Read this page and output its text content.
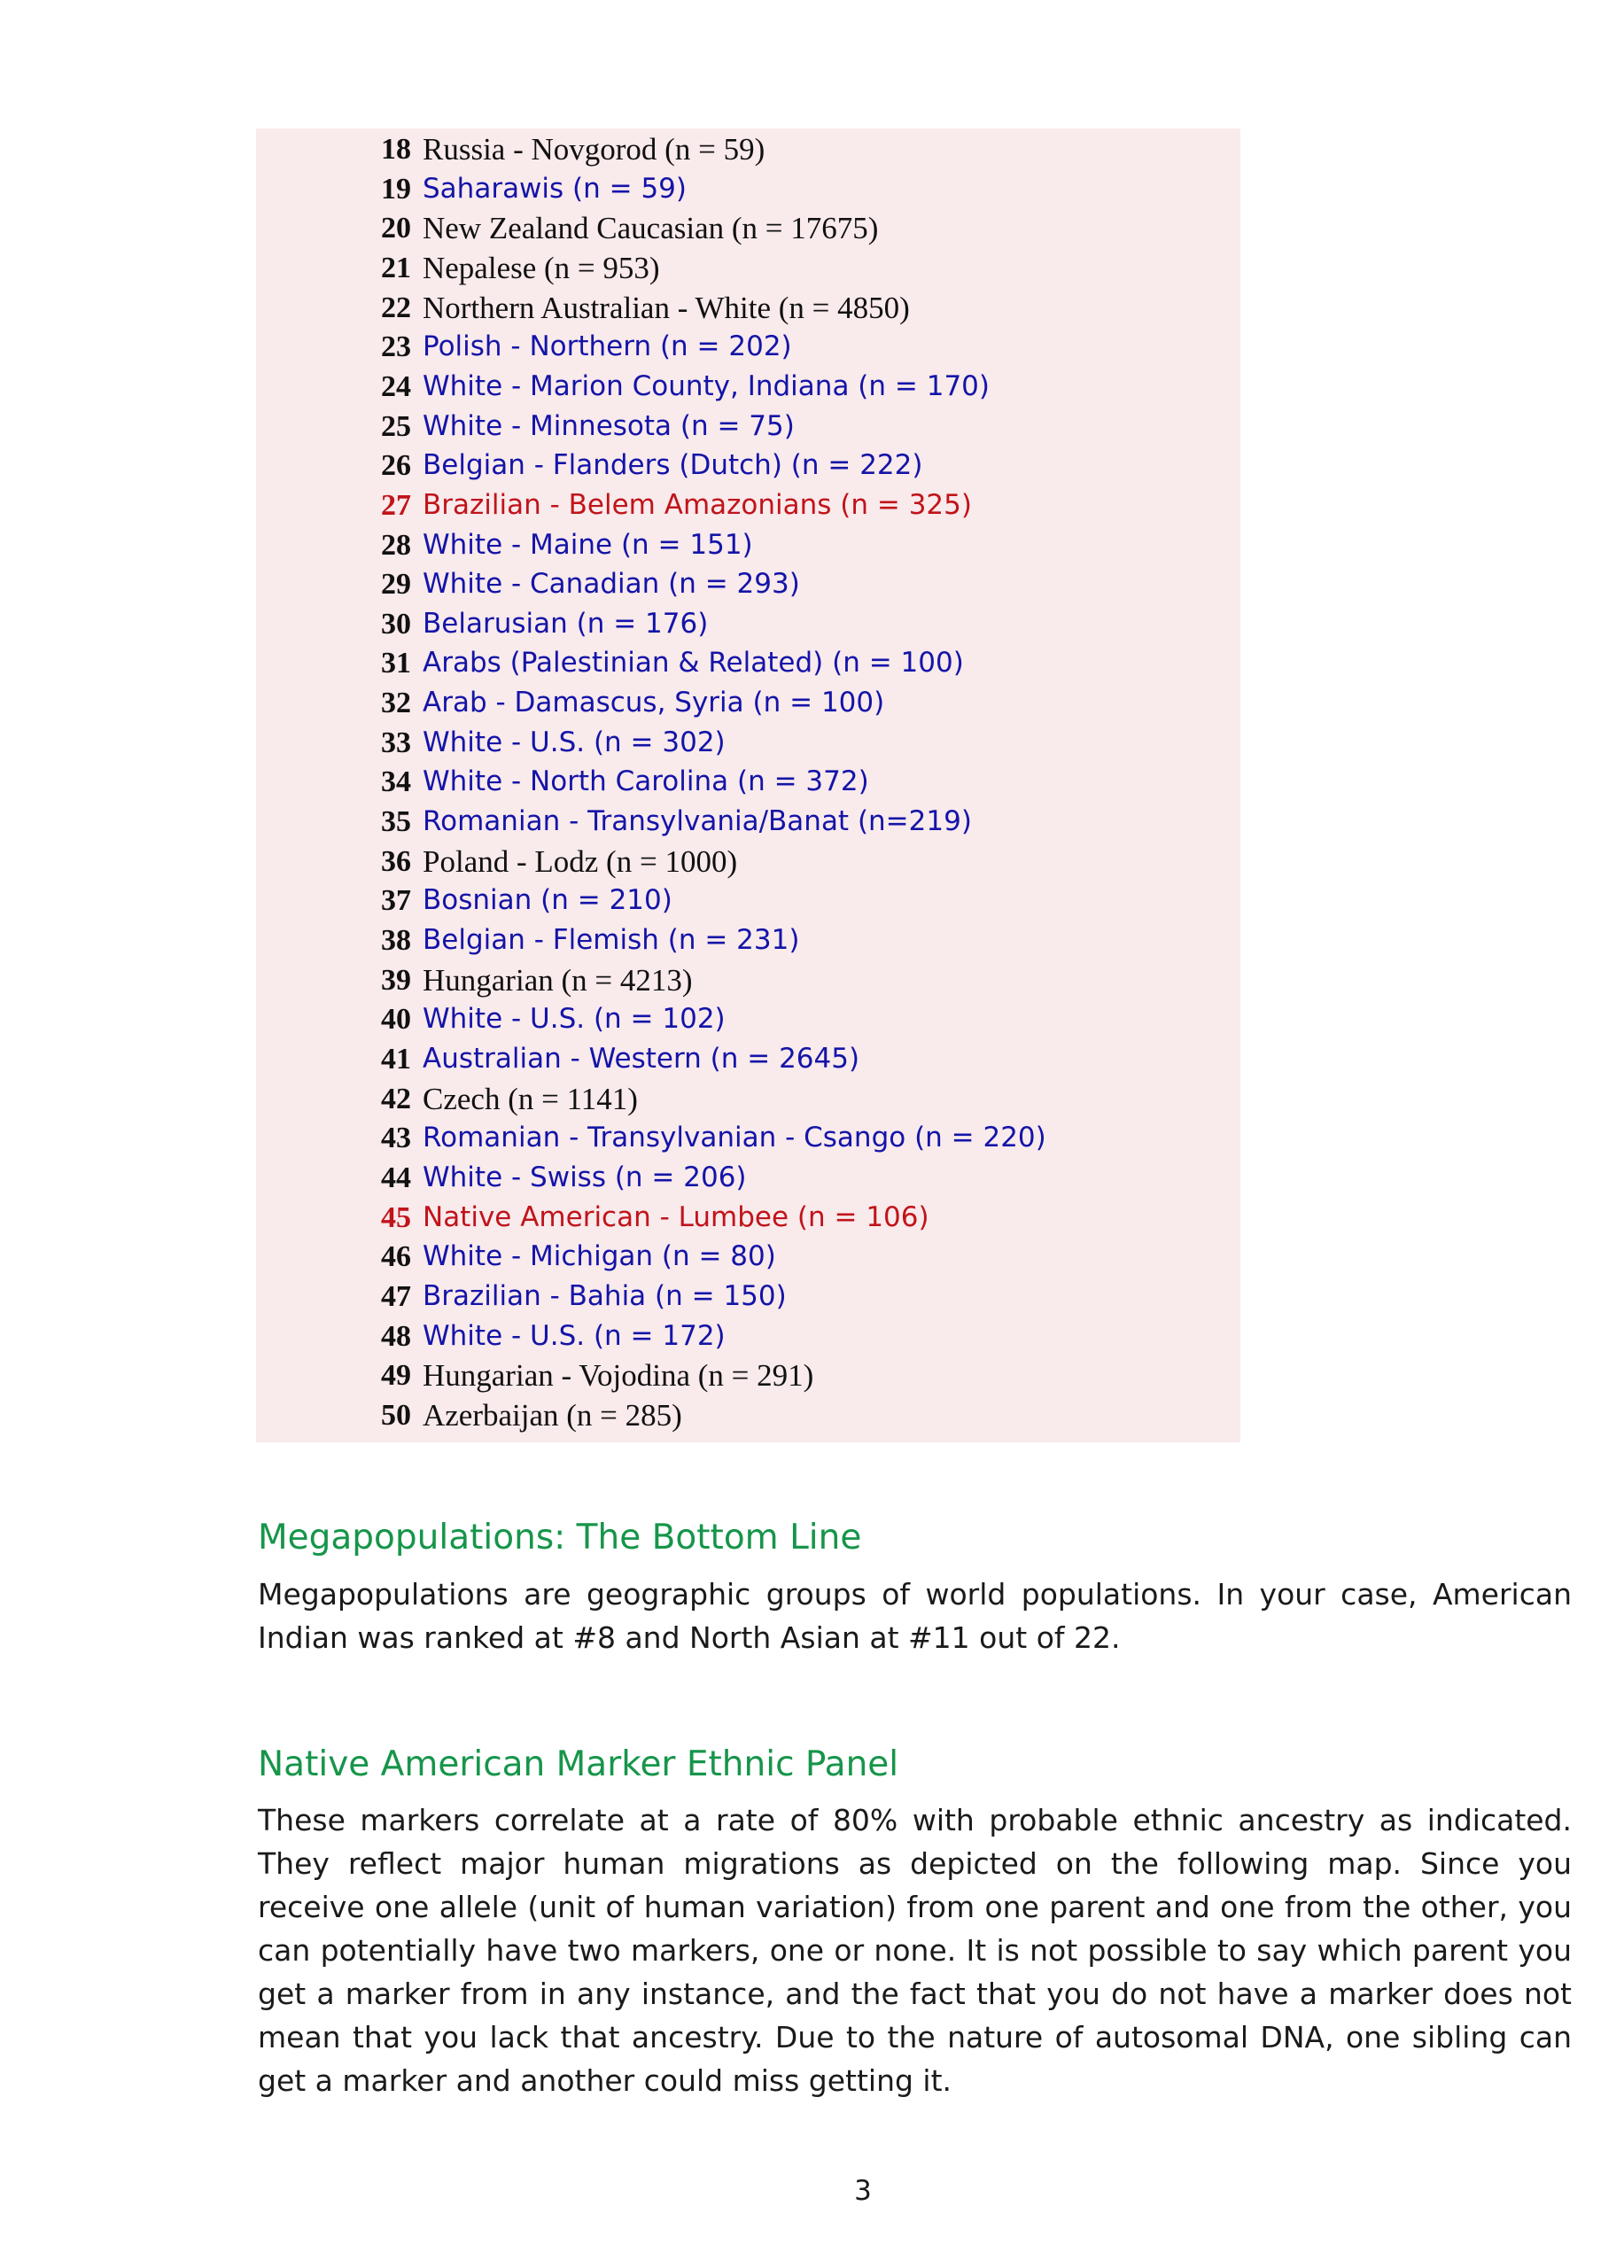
18 Russia - Novgorod (n = 59)
19 Saharawis (n = 59)
20 New Zealand Caucasian (n = 17675)
21 Nepalese (n = 953)
22 Northern Australian - White (n = 4850)
23 Polish - Northern (n = 202)
24 White - Marion County, Indiana (n = 170)
25 White - Minnesota (n = 75)
26 Belgian - Flanders (Dutch) (n = 222)
27 Brazilian - Belem Amazonians (n = 325)
28 White - Maine (n = 151)
29 White - Canadian (n = 293)
30 Belarusian (n = 176)
31 Arabs (Palestinian & Related) (n = 100)
32 Arab - Damascus, Syria (n = 100)
33 White - U.S. (n = 302)
34 White - North Carolina (n = 372)
35 Romanian - Transylvania/Banat (n=219)
36 Poland - Lodz (n = 1000)
37 Bosnian (n = 210)
38 Belgian - Flemish (n = 231)
39 Hungarian (n = 4213)
40 White - U.S. (n = 102)
41 Australian - Western (n = 2645)
42 Czech (n = 1141)
43 Romanian - Transylvanian - Csango (n = 220)
44 White - Swiss (n = 206)
45 Native American - Lumbee (n = 106)
46 White - Michigan (n = 80)
47 Brazilian - Bahia (n = 150)
48 White - U.S. (n = 172)
49 Hungarian - Vojodina (n = 291)
50 Azerbaijan (n = 285)
Megapopulations: The Bottom Line
Megapopulations are geographic groups of world populations. In your case, American Indian was ranked at #8 and North Asian at #11 out of 22.
Native American Marker Ethnic Panel
These markers correlate at a rate of 80% with probable ethnic ancestry as indicated. They reflect major human migrations as depicted on the following map. Since you receive one allele (unit of human variation) from one parent and one from the other, you can potentially have two markers, one or none. It is not possible to say which parent you get a marker from in any instance, and the fact that you do not have a marker does not mean that you lack that ancestry. Due to the nature of autosomal DNA, one sibling can get a marker and another could miss getting it.
3
